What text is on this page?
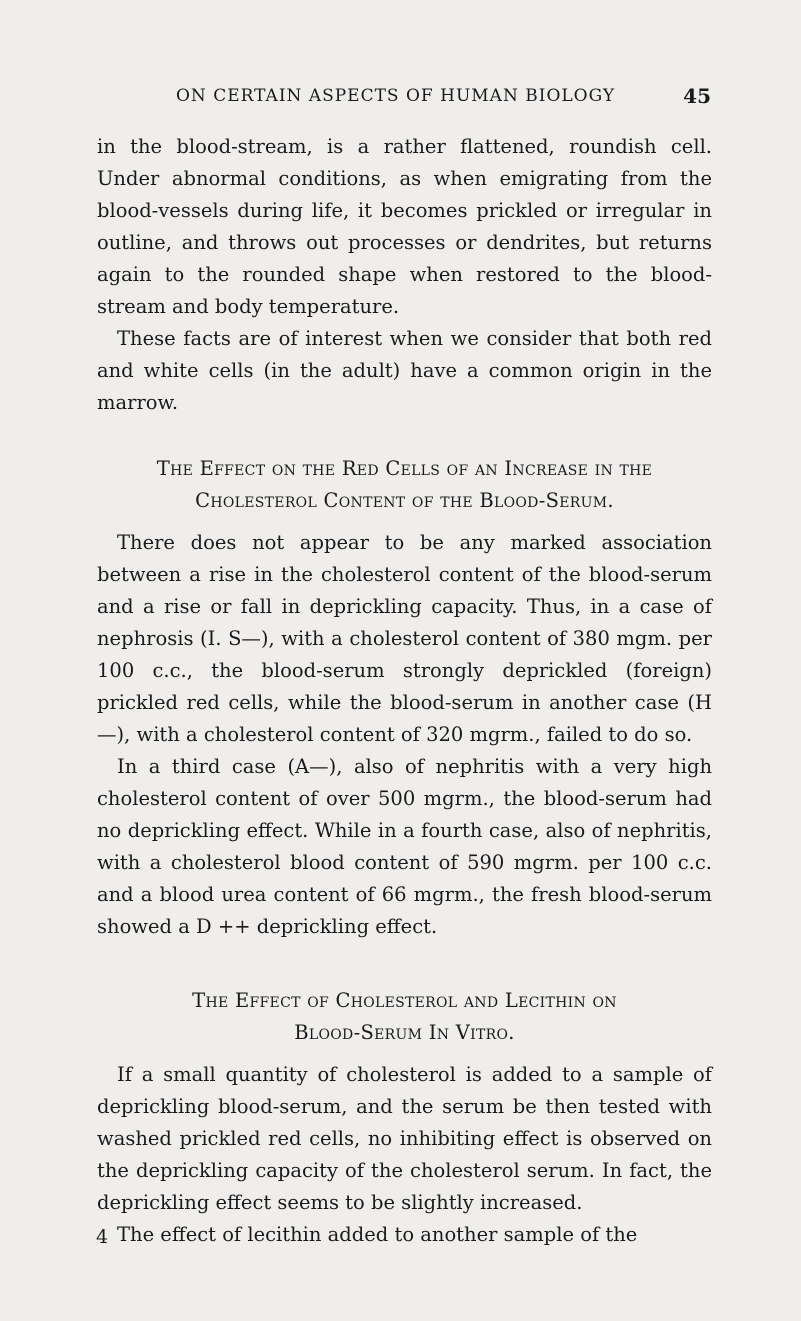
ON CERTAIN ASPECTS OF HUMAN BIOLOGY	45

in the blood-stream, is a rather flattened, roundish cell. Under abnormal conditions, as when emigrating from the blood-vessels during life, it becomes prickled or irregular in outline, and throws out processes or dendrites, but returns again to the rounded shape when restored to the blood-stream and body temperature.

These facts are of interest when we consider that both red and white cells (in the adult) have a common origin in the marrow.

The Effect on the Red Cells of an Increase in the
Cholesterol Content of the Blood-Serum.

There does not appear to be any marked association between a rise in the cholesterol content of the blood-serum and a rise or fall in deprickling capacity. Thus, in a case of nephrosis (I. S—), with a cholesterol content of 380 mgm. per 100 c.c., the blood-serum strongly deprickled (foreign) prickled red cells, while the blood-serum in another case (H—), with a cholesterol content of 320 mgrm., failed to do so.

In a third case (A—), also of nephritis with a very high cholesterol content of over 500 mgrm., the blood-serum had no deprickling effect. While in a fourth case, also of nephritis, with a cholesterol blood content of 590 mgrm. per 100 c.c. and a blood urea content of 66 mgrm., the fresh blood-serum showed a D ++ deprickling effect.

The Effect of Cholesterol and Lecithin on
Blood-Serum In Vitro.

If a small quantity of cholesterol is added to a sample of deprickling blood-serum, and the serum be then tested with washed prickled red cells, no inhibiting effect is observed on the deprickling capacity of the cholesterol serum. In fact, the deprickling effect seems to be slightly increased.

The effect of lecithin added to another sample of the

4
